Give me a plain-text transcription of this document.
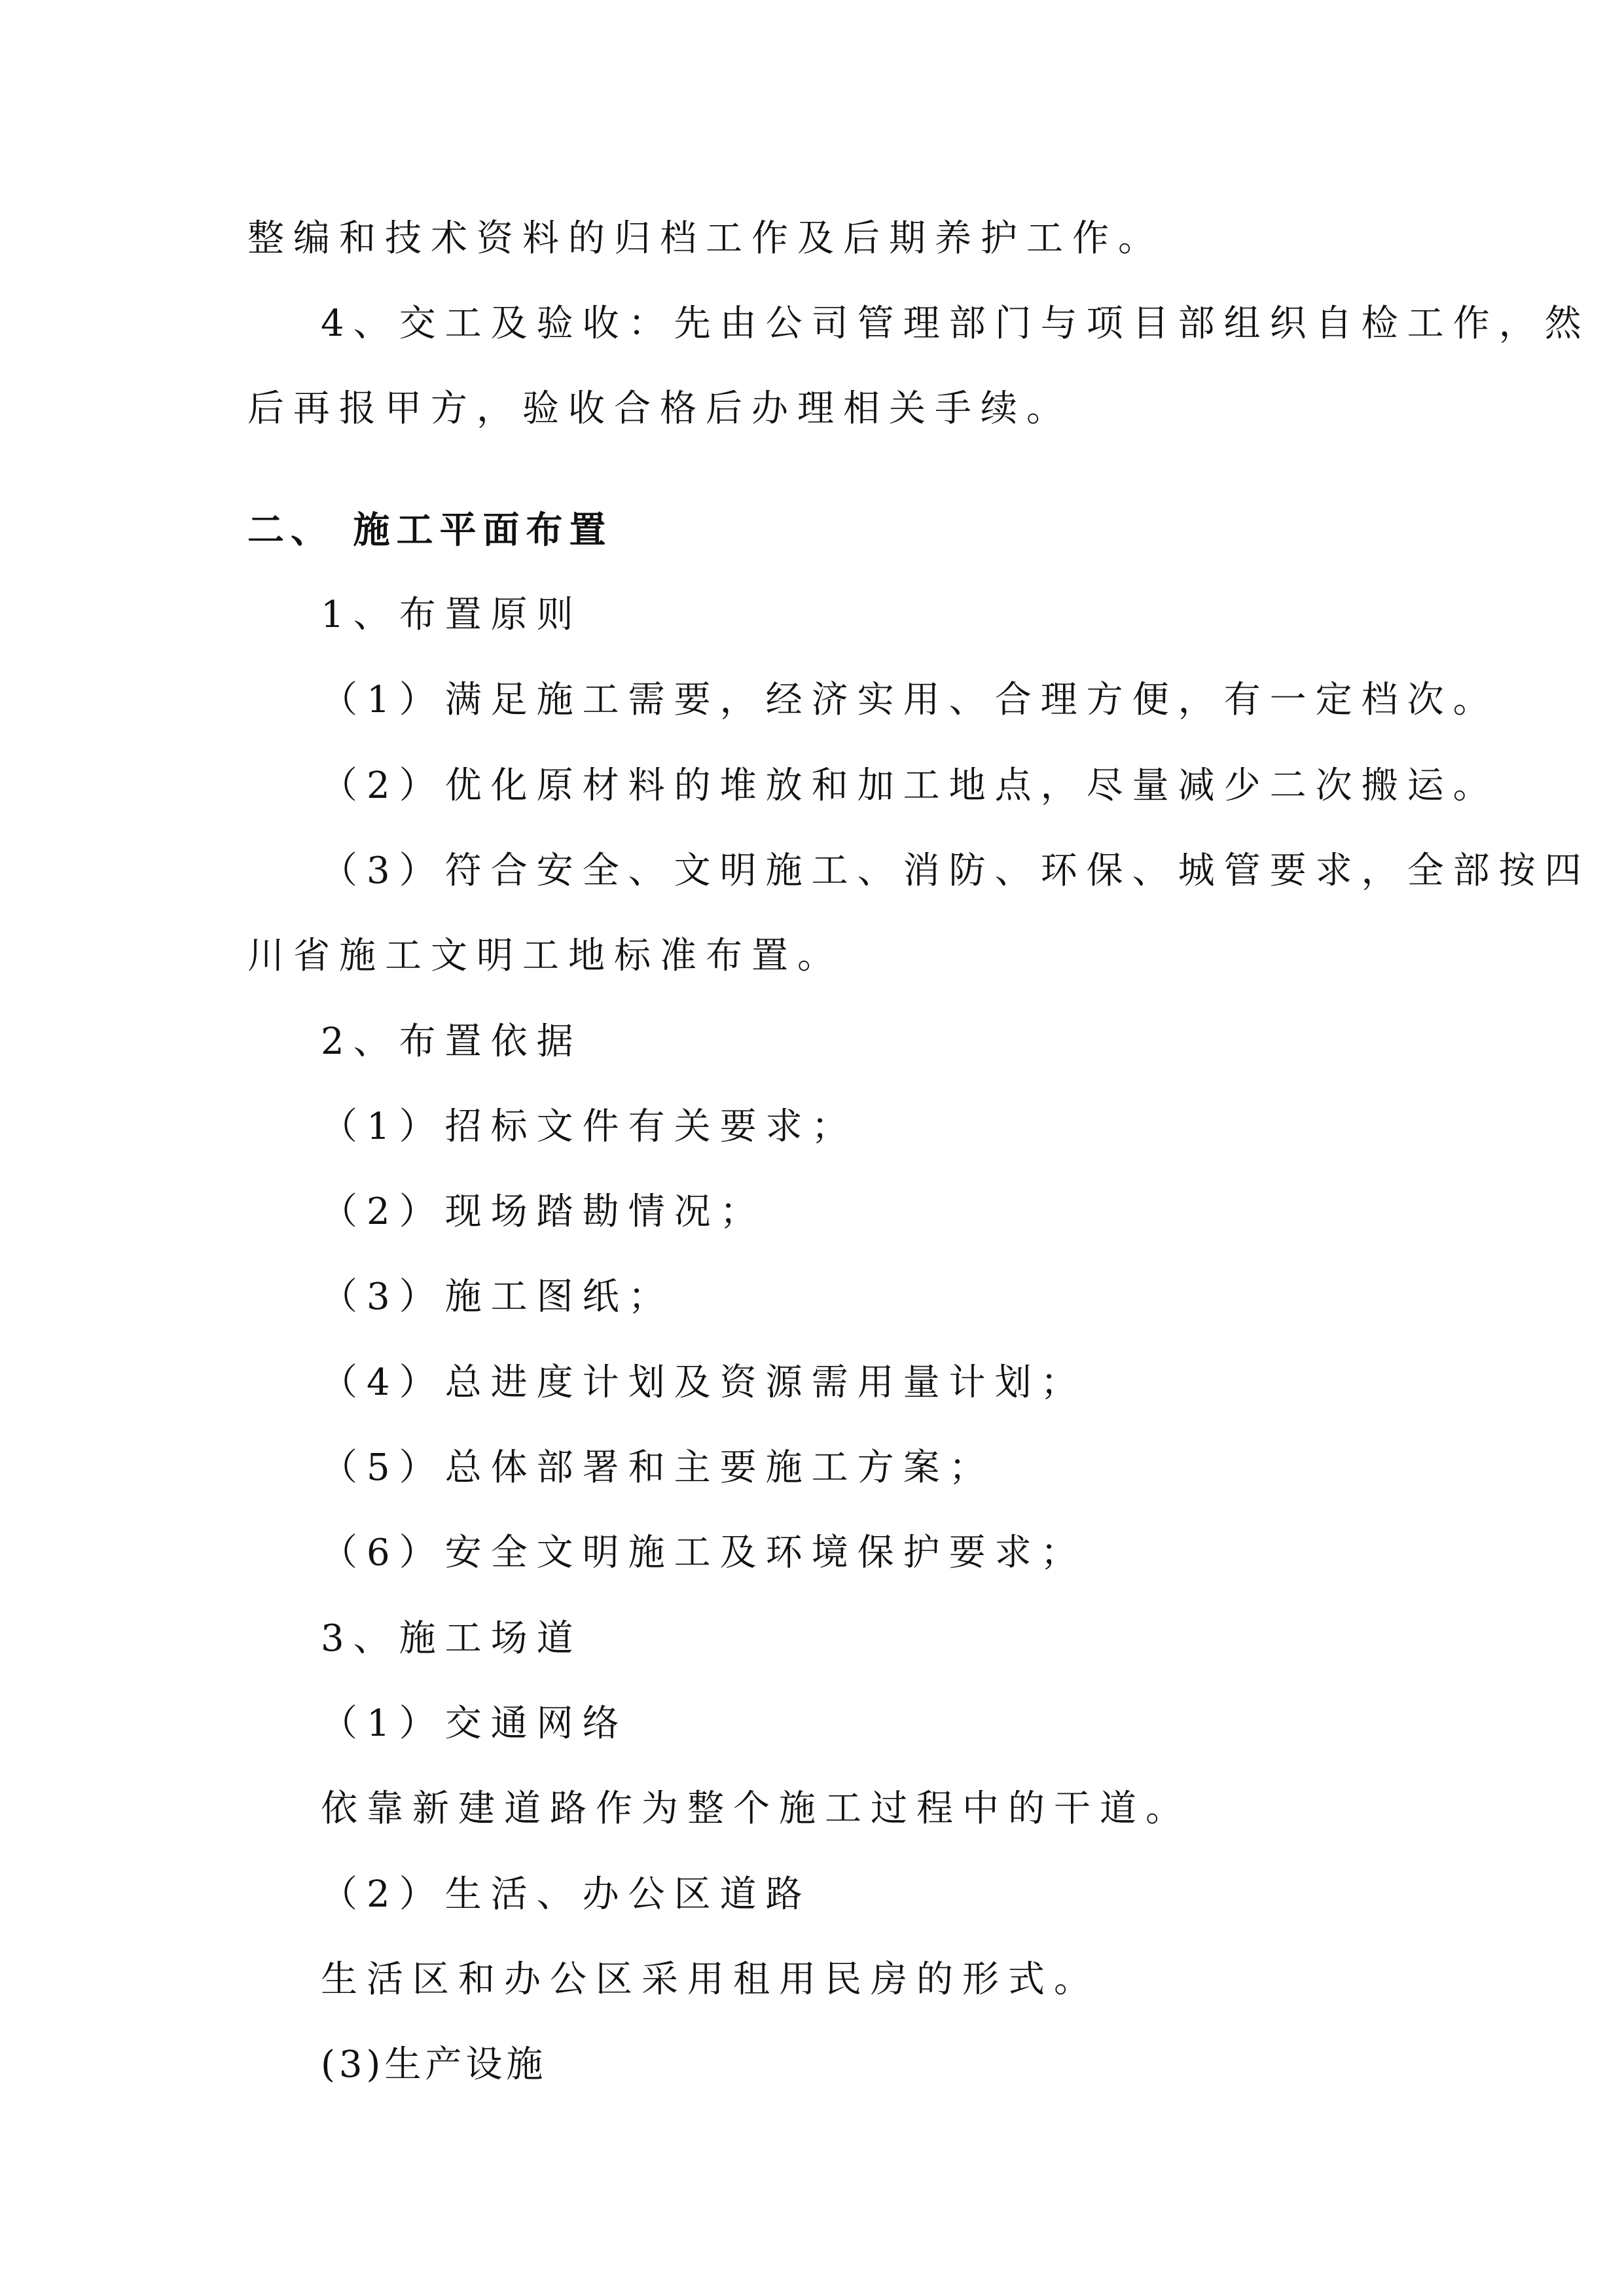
整编和技术资料的归档工作及后期养护工作。
4、交工及验收：先由公司管理部门与项目部组织自检工作，然
后再报甲方，验收合格后办理相关手续。
二、 施工平面布置
1、布置原则
（1）满足施工需要，经济实用、合理方便，有一定档次。
（2）优化原材料的堆放和加工地点，尽量减少二次搬运。
（3）符合安全、文明施工、消防、环保、城管要求，全部按四
川省施工文明工地标准布置。
2、布置依据
（1）招标文件有关要求；
（2）现场踏勘情况；
（3）施工图纸；
（4）总进度计划及资源需用量计划；
（5）总体部署和主要施工方案；
（6）安全文明施工及环境保护要求；
3、施工场道
（1）交通网络
依靠新建道路作为整个施工过程中的干道。
（2）生活、办公区道路
生活区和办公区采用租用民房的形式。
(3)生产设施
